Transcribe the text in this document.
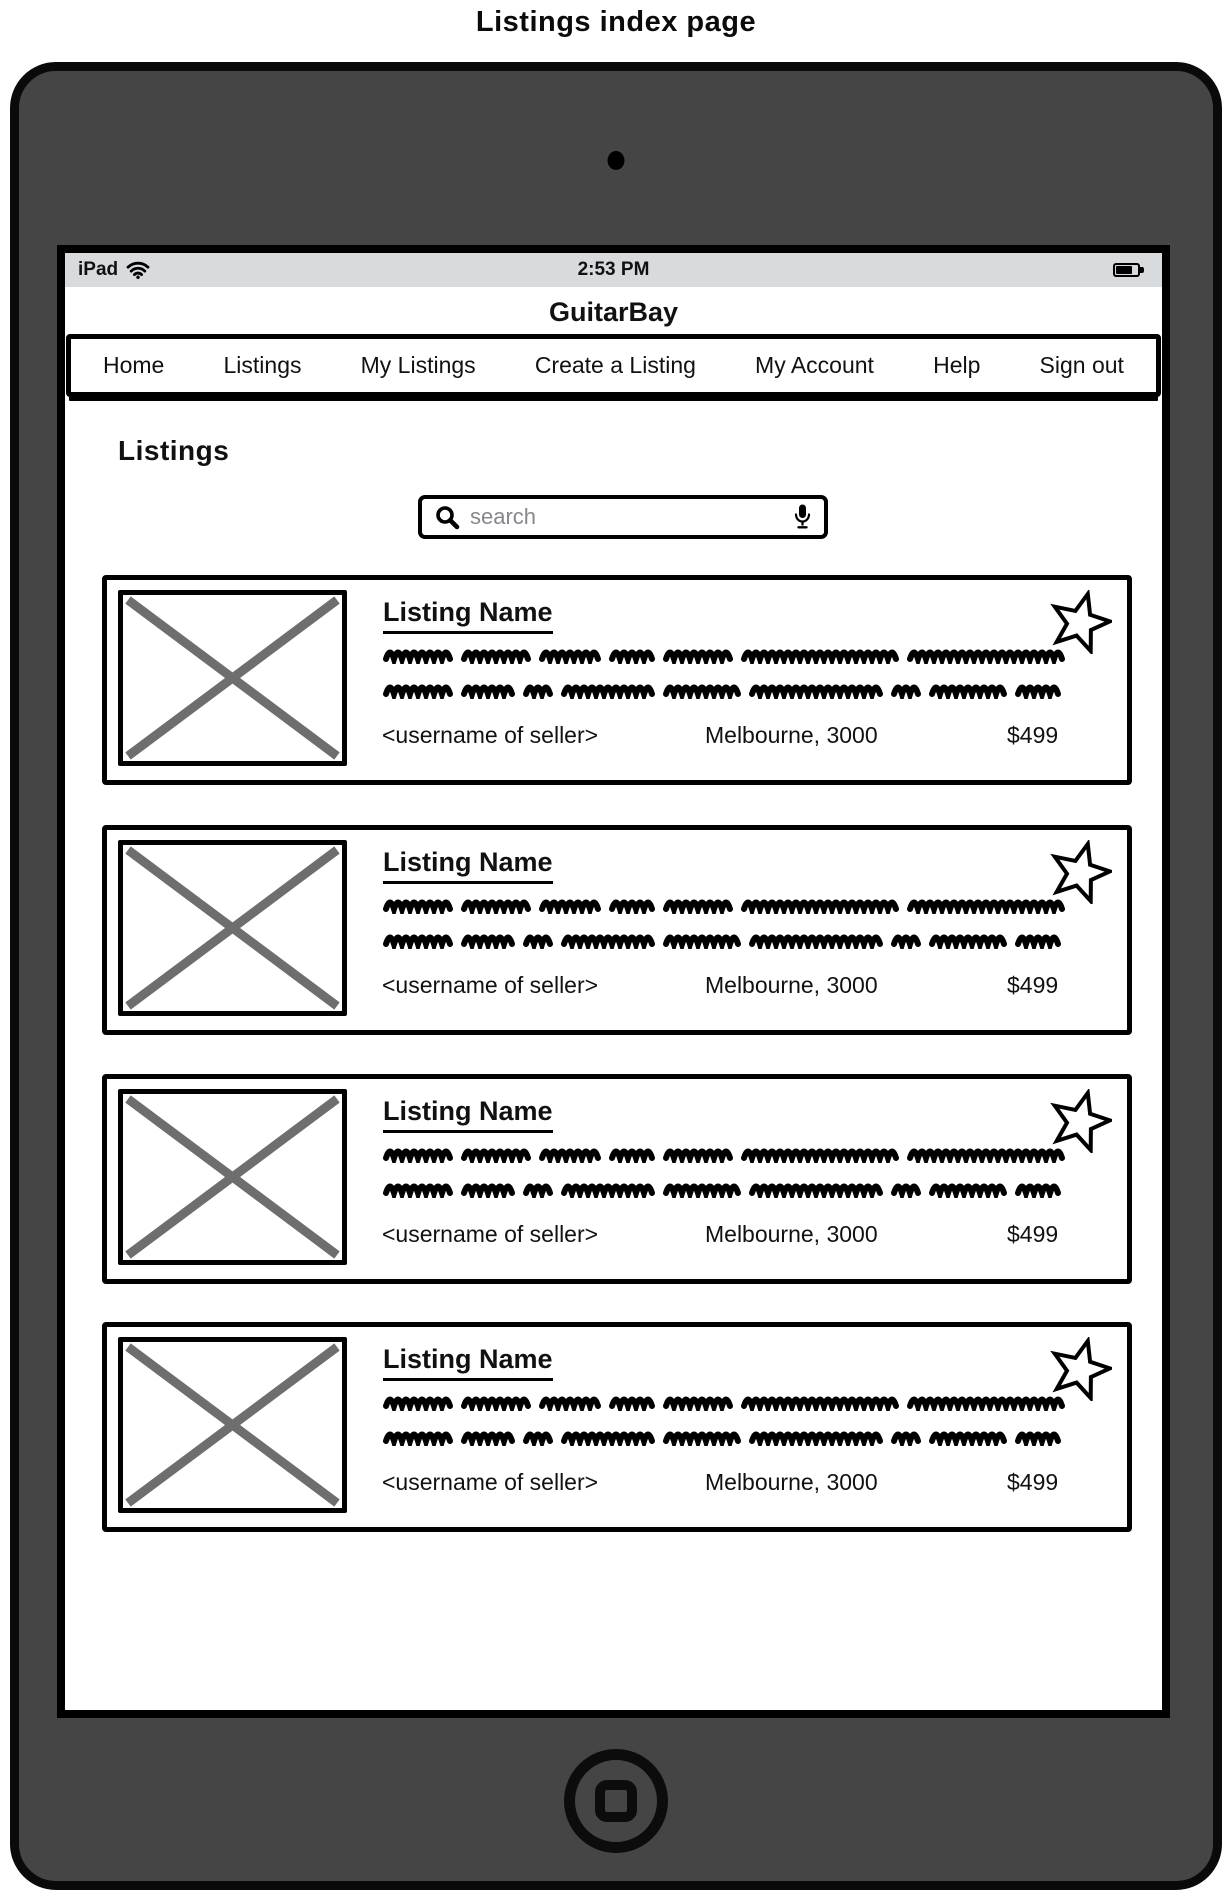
Listings index page
2:53 PM
iPad
GuitarBay
Home	Listings	My Listings	Create a Listing	My Account	Help	Sign out
Listings
search
Listing Name
<username of seller>	Melbourne, 3000	$499
Listing Name
<username of seller>	Melbourne, 3000	$499
Listing Name
<username of seller>	Melbourne, 3000	$499
Listing Name
<username of seller>	Melbourne, 3000	$499
